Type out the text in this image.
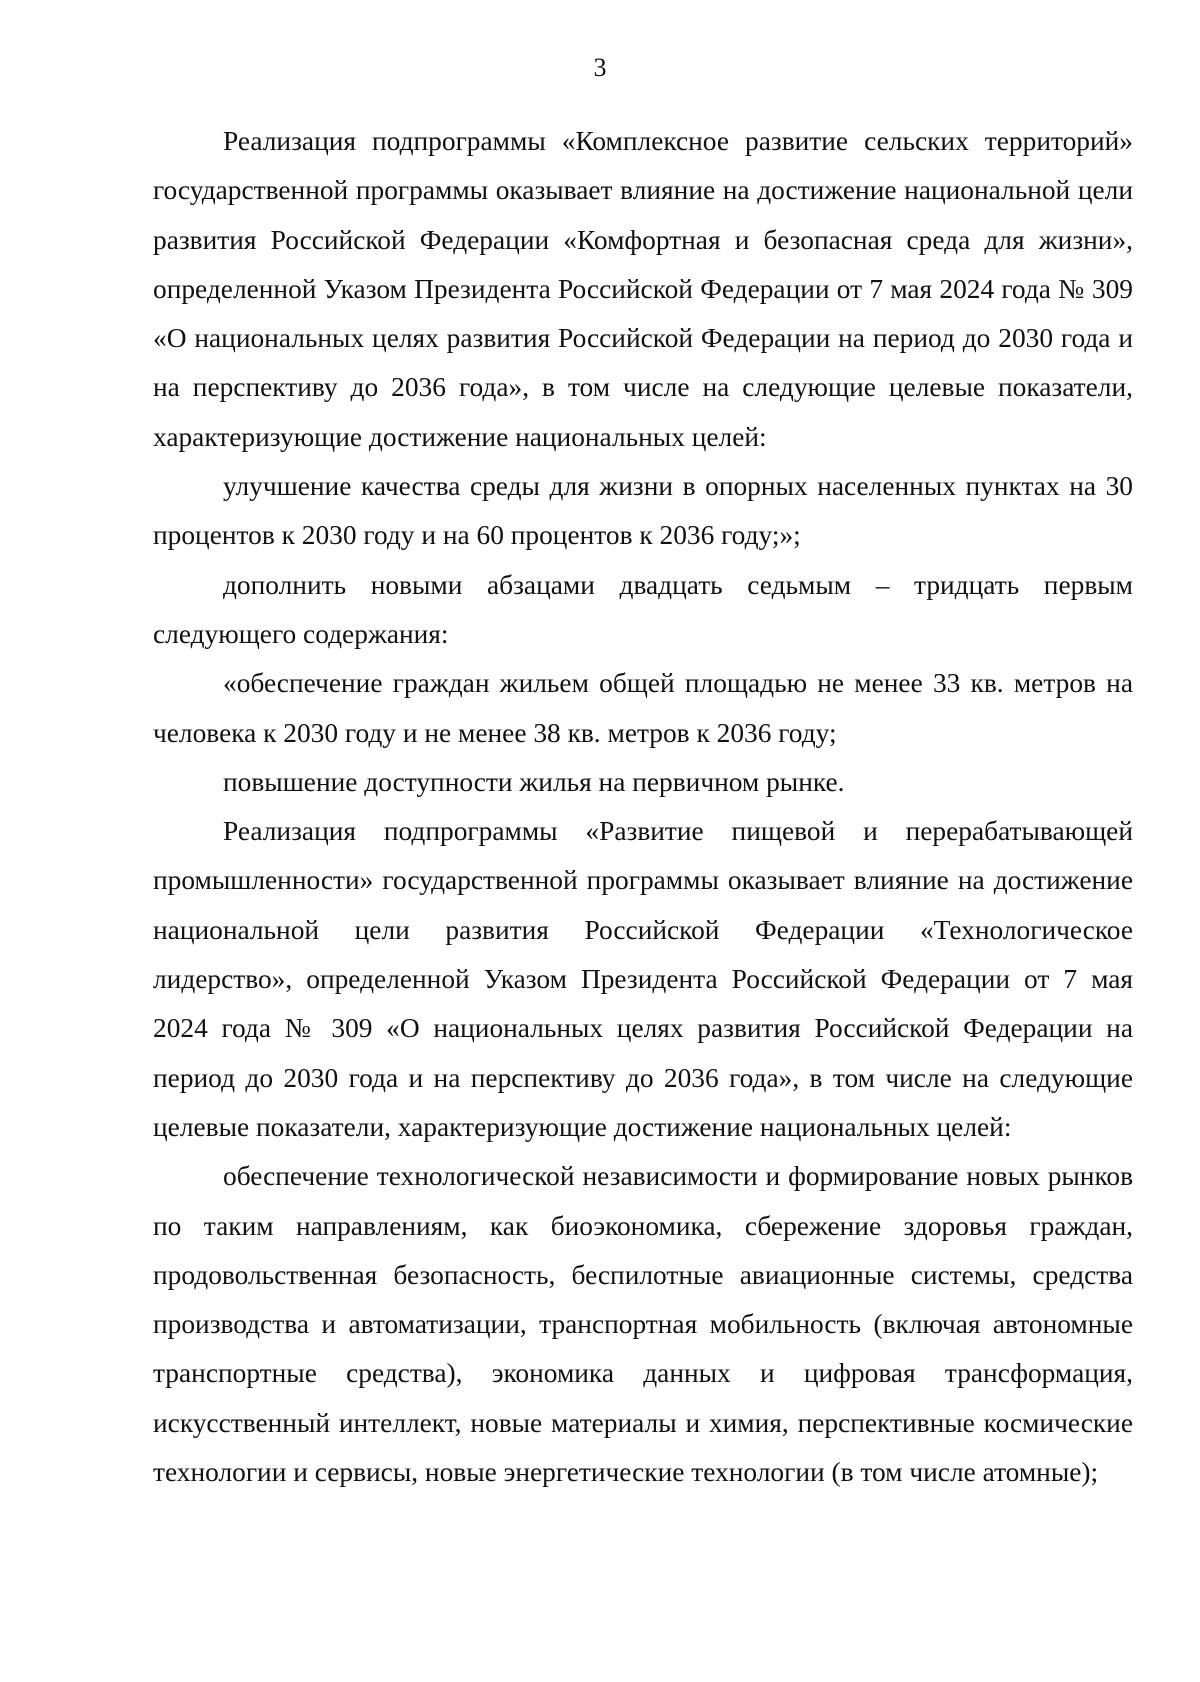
3

Реализация подпрограммы «Комплексное развитие сельских территорий» государственной программы оказывает влияние на достижение национальной цели развития Российской Федерации «Комфортная и безопасная среда для жизни», определенной Указом Президента Российской Федерации от 7 мая 2024 года № 309 «О национальных целях развития Российской Федерации на период до 2030 года и на перспективу до 2036 года», в том числе на следующие целевые показатели, характеризующие достижение национальных целей:

улучшение качества среды для жизни в опорных населенных пунктах на 30 процентов к 2030 году и на 60 процентов к 2036 году;»;

дополнить новыми абзацами двадцать седьмым – тридцать первым следующего содержания:

«обеспечение граждан жильем общей площадью не менее 33 кв. метров на человека к 2030 году и не менее 38 кв. метров к 2036 году;

повышение доступности жилья на первичном рынке.

Реализация подпрограммы «Развитие пищевой и перерабатывающей промышленности» государственной программы оказывает влияние на достижение национальной цели развития Российской Федерации «Технологическое лидерство», определенной Указом Президента Российской Федерации от 7 мая 2024 года № 309 «О национальных целях развития Российской Федерации на период до 2030 года и на перспективу до 2036 года», в том числе на следующие целевые показатели, характеризующие достижение национальных целей:

обеспечение технологической независимости и формирование новых рынков по таким направлениям, как биоэкономика, сбережение здоровья граждан, продовольственная безопасность, беспилотные авиационные системы, средства производства и автоматизации, транспортная мобильность (включая автономные транспортные средства), экономика данных и цифровая трансформация, искусственный интеллект, новые материалы и химия, перспективные космические технологии и сервисы, новые энергетические технологии (в том числе атомные);
